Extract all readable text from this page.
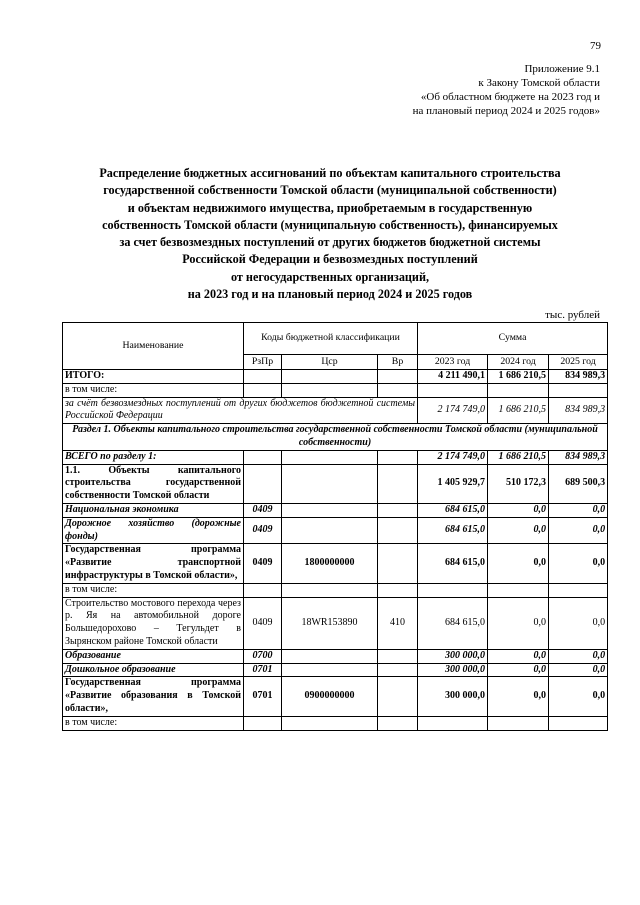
79
Приложение 9.1
к Закону Томской области
«Об областном бюджете на 2023 год и
на плановый период 2024 и 2025 годов»
Распределение бюджетных ассигнований по объектам капитального строительства
государственной собственности Томской области (муниципальной собственности)
и объектам недвижимого имущества, приобретаемым в государственную
собственность Томской области (муниципальную собственность), финансируемых
за счет безвозмездных поступлений от других бюджетов бюджетной системы
Российской Федерации и безвозмездных поступлений
от негосударственных организаций,
на 2023 год и на плановый период 2024 и 2025 годов
тыс. рублей
Наименование	Коды бюджетной классификации			Сумма		
	РзПр	Цср	Вр	2023 год	2024 год	2025 год
ИТОГО:				4 211 490,1	1 686 210,5	834 989,3
в том числе:						
за счёт безвозмездных поступлений от других бюджетов бюджетной системы Российской Федерации				2 174 749,0	1 686 210,5	834 989,3
Раздел 1. Объекты капитального строительства государственной собственности Томской области (муниципальной собственности)						
ВСЕГО по разделу 1:				2 174 749,0	1 686 210,5	834 989,3
1.1. Объекты капитального строительства государственной собственности Томской области				1 405 929,7	510 172,3	689 500,3
Национальная экономика	0409			684 615,0	0,0	0,0
Дорожное хозяйство (дорожные фонды)	0409			684 615,0	0,0	0,0
Государственная программа «Развитие транспортной инфраструктуры в Томской области»,	0409	1800000000		684 615,0	0,0	0,0
в том числе:						
Строительство мостового перехода через р. Яя на автомобильной дороге Большедорохово – Тегульдет в Зырянском районе Томской области	0409	18WR153890	410	684 615,0	0,0	0,0
Образование	0700			300 000,0	0,0	0,0
Дошкольное образование	0701			300 000,0	0,0	0,0
Государственная программа «Развитие образования в Томской области»,	0701	0900000000		300 000,0	0,0	0,0
в том числе:						
